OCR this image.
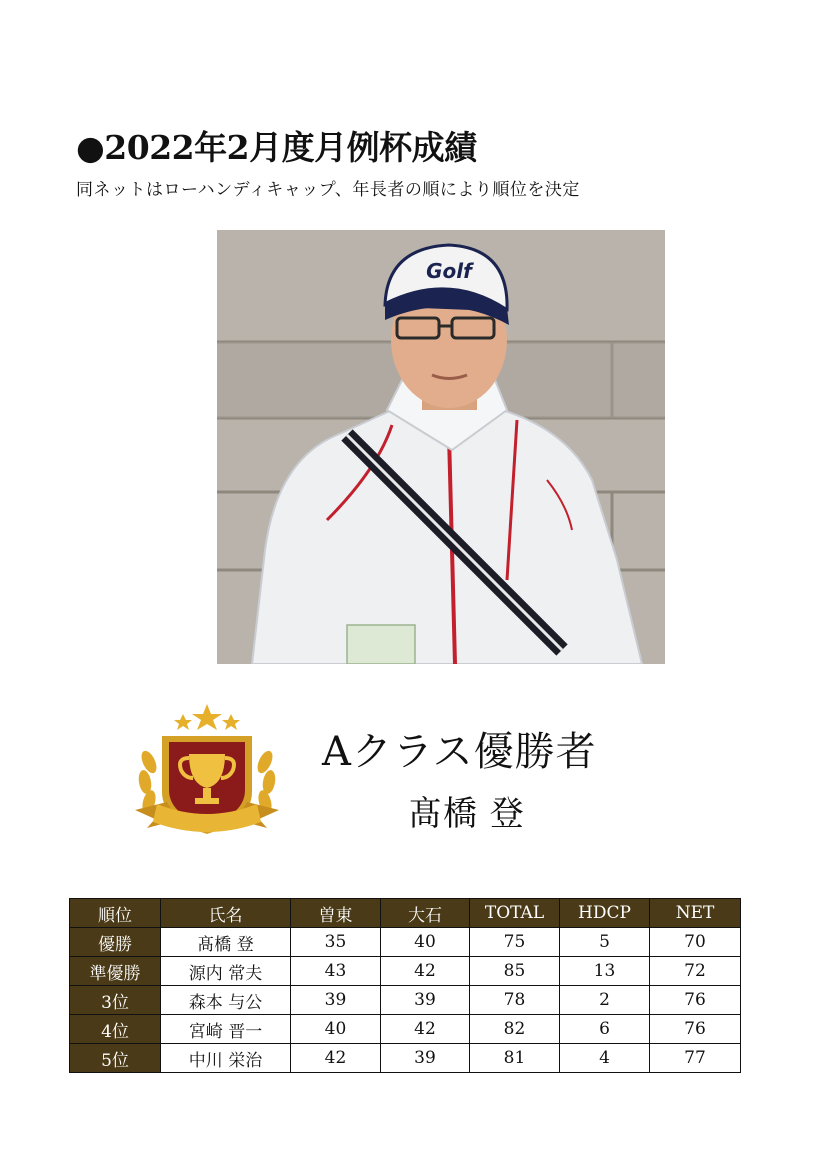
●2022年2月度月例杯成績
同ネットはローハンディキャップ、年長者の順により順位を決定
Golf
Aクラス優勝者
髙橋 登
順位	氏名	曽東	大石	TOTAL	HDCP	NET
優勝	髙橋 登	35	40	75	5	70
準優勝	源内 常夫	43	42	85	13	72
3位	森本 与公	39	39	78	2	76
4位	宮崎 晋一	40	42	82	6	76
5位	中川 栄治	42	39	81	4	77
